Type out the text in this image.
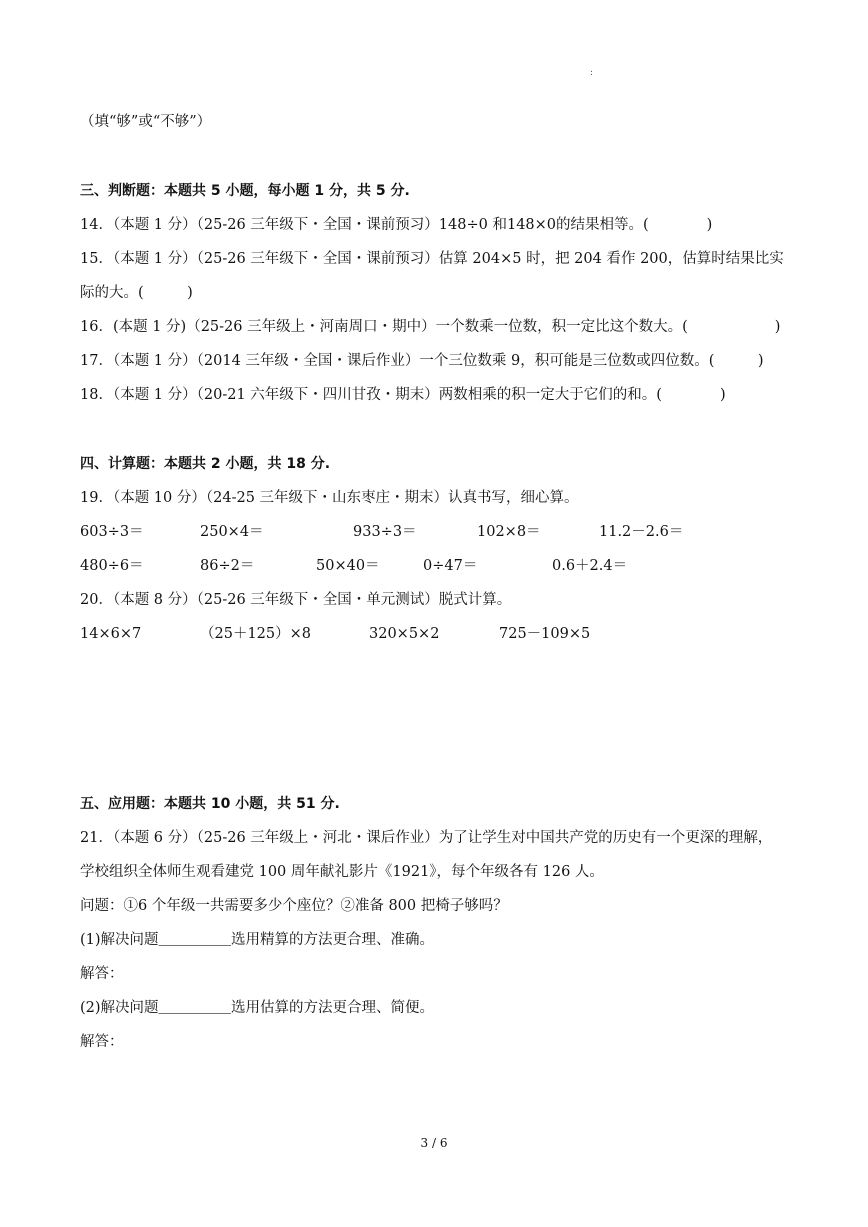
:
（填“够”或“不够”）
三、判断题：本题共 5 小题，每小题 1 分，共 5 分.
14．（本题 1 分）（25-26 三年级下・全国・课前预习）148÷0 和148×0的结果相等。(　　　　)
15．（本题 1 分）（25-26 三年级下・全国・课前预习）估算 204×5 时，把 204 看作 200，估算时结果比实
际的大。(　　　)
16．(本题 1 分)（25-26 三年级上・河南周口・期中）一个数乘一位数，积一定比这个数大。(　　　　　　)
17．（本题 1 分）（2014 三年级・全国・课后作业）一个三位数乘 9，积可能是三位数或四位数。(　　　)
18．（本题 1 分）（20-21 六年级下・四川甘孜・期末）两数相乘的积一定大于它们的和。(　　　　)
四、计算题：本题共 2 小题，共 18 分.
19．（本题 10 分）（24-25 三年级下・山东枣庄・期末）认真书写，细心算。
603÷3＝	250×4＝	933÷3＝	102×8＝	11.2－2.6＝
480÷6＝	86÷2＝	50×40＝	0÷47＝	0.6＋2.4＝
20．（本题 8 分）（25-26 三年级下・全国・单元测试）脱式计算。
14×6×7	（25＋125）×8	320×5×2	725－109×5
五、应用题：本题共 10 小题，共 51 分.
21．（本题 6 分）（25-26 三年级上・河北・课后作业）为了让学生对中国共产党的历史有一个更深的理解，
学校组织全体师生观看建党 100 周年献礼影片《1921》，每个年级各有 126 人。
问题：①6 个年级一共需要多少个座位？②准备 800 把椅子够吗？
(1)解决问题＿＿＿＿＿选用精算的方法更合理、准确。
解答：
(2)解决问题＿＿＿＿＿选用估算的方法更合理、简便。
解答：
3 / 6
